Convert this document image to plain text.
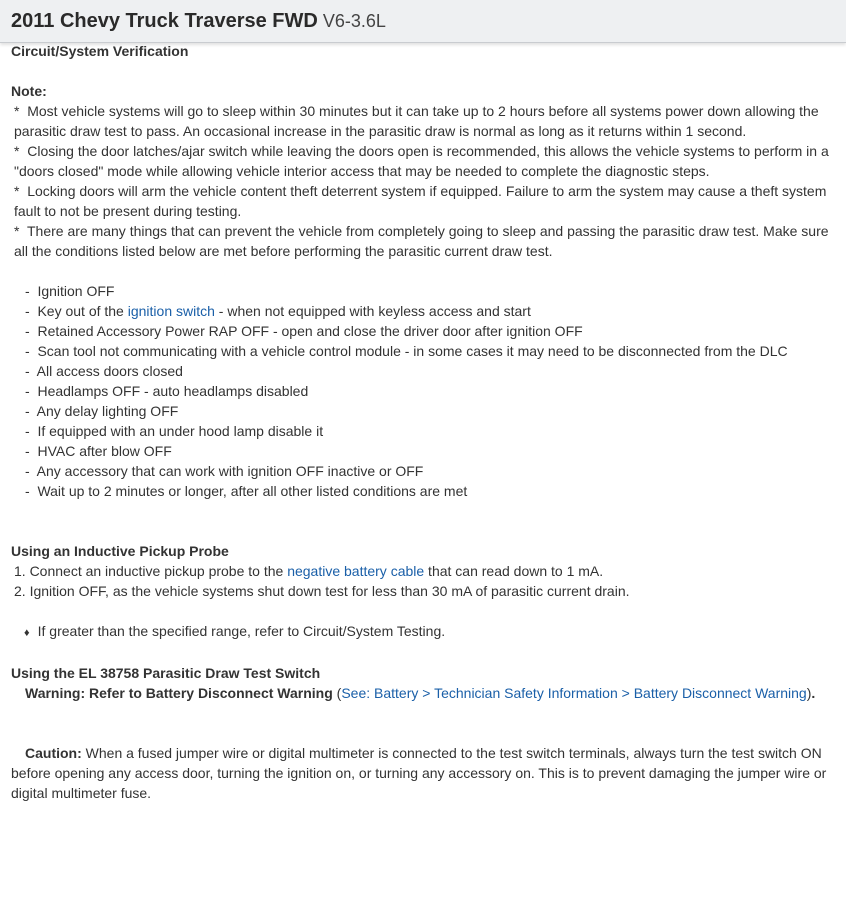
2011 Chevy Truck Traverse FWD V6-3.6L

Circuit/System Verification

Note:

*  Most vehicle systems will go to sleep within 30 minutes but it can take up to 2 hours before all systems power down allowing the parasitic draw test to pass. An occasional increase in the parasitic draw is normal as long as it returns within 1 second.

*  Closing the door latches/ajar switch while leaving the doors open is recommended, this allows the vehicle systems to perform in a "doors closed" mode while allowing vehicle interior access that may be needed to complete the diagnostic steps.

*  Locking doors will arm the vehicle content theft deterrent system if equipped. Failure to arm the system may cause a theft system fault to not be present during testing.

*  There are many things that can prevent the vehicle from completely going to sleep and passing the parasitic draw test. Make sure all the conditions listed below are met before performing the parasitic current draw test.

-  Ignition OFF

-  Key out of the ignition switch - when not equipped with keyless access and start

-  Retained Accessory Power RAP OFF - open and close the driver door after ignition OFF

-  Scan tool not communicating with a vehicle control module - in some cases it may need to be disconnected from the DLC

-  All access doors closed

-  Headlamps OFF - auto headlamps disabled

-  Any delay lighting OFF

-  If equipped with an under hood lamp disable it

-  HVAC after blow OFF

-  Any accessory that can work with ignition OFF inactive or OFF

-  Wait up to 2 minutes or longer, after all other listed conditions are met

Using an Inductive Pickup Probe

1. Connect an inductive pickup probe to the negative battery cable that can read down to 1 mA.

2. Ignition OFF, as the vehicle systems shut down test for less than 30 mA of parasitic current drain.

♦ If greater than the specified range, refer to Circuit/System Testing.

Using the EL 38758 Parasitic Draw Test Switch

Warning: Refer to Battery Disconnect Warning (See: Battery > Technician Safety Information > Battery Disconnect Warning).

Caution: When a fused jumper wire or digital multimeter is connected to the test switch terminals, always turn the test switch ON before opening any access door, turning the ignition on, or turning any accessory on. This is to prevent damaging the jumper wire or digital multimeter fuse.
